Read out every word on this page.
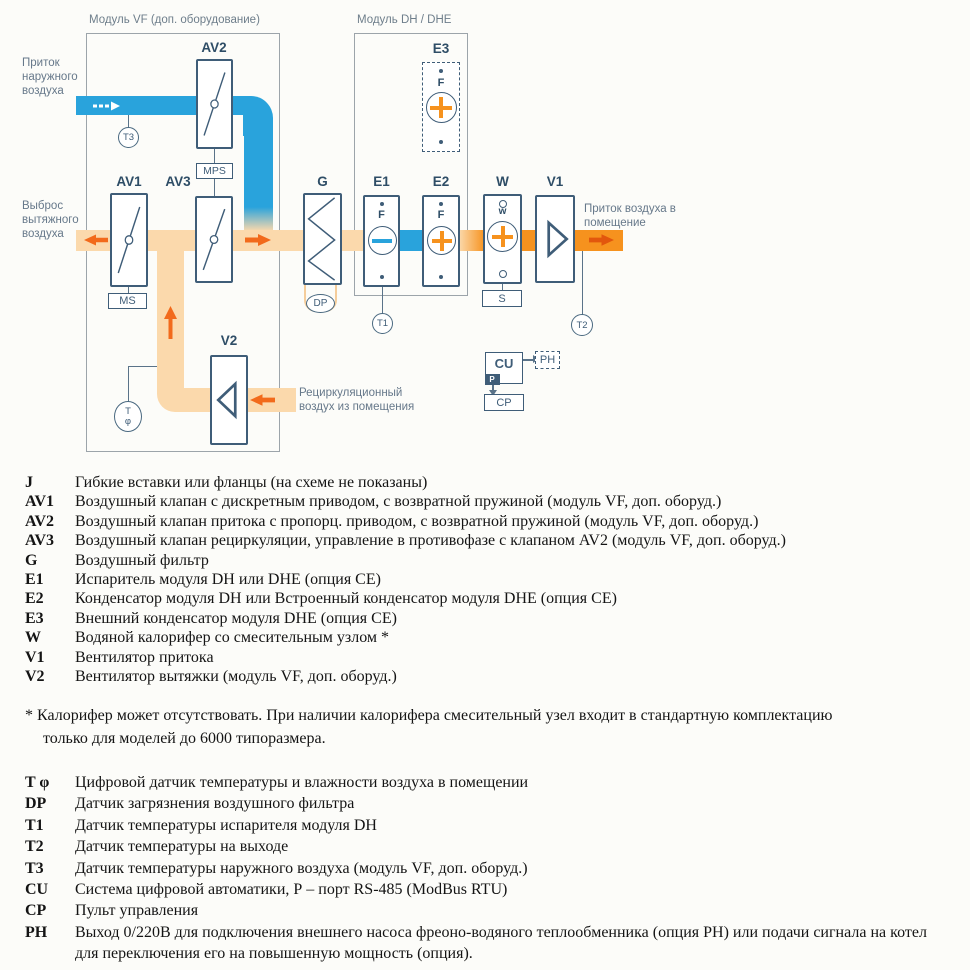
Модуль VF (доп. оборудование)	Модуль DH / DHE
AV1
AV2
AV3	G	E1	E2
E3
W	V1
V2
F	F
F
w
MPS
MS	S
CU
P
PH
CP
DP
T3
T1	T2
T
φ
Приток наружного воздуха
Выброс вытяжного воздуха
Приток воздуха в помещение
Рециркуляционный воздух из помещения
J	Гибкие вставки или фланцы (на схеме не показаны)
AV1	Воздушный клапан с дискретным приводом, с возвратной пружиной (модуль VF, доп. оборуд.)
AV2	Воздушный клапан притока с пропорц. приводом, с возвратной пружиной (модуль VF, доп. оборуд.)
AV3	Воздушный клапан рециркуляции, управление в противофазе с клапаном AV2 (модуль VF, доп. оборуд.)
G	Воздушный фильтр
E1	Испаритель модуля DH или DHE (опция CE)
E2	Конденсатор модуля DH или Встроенный конденсатор модуля DHE (опция CE)
E3	Внешний конденсатор модуля DHE (опция CE)
W	Водяной калорифер со смесительным узлом *
V1	Вентилятор притока
V2	Вентилятор вытяжки (модуль VF, доп. оборуд.)
* Калорифер может отсутствовать. При наличии калорифера смесительный узел входит в стандартную комплектацию только для моделей до 6000 типоразмера.
T φ	Цифровой датчик температуры и влажности воздуха в помещении
DP	Датчик загрязнения воздушного фильтра
T1	Датчик температуры испарителя модуля DH
T2	Датчик температуры на выходе
T3	Датчик температуры наружного воздуха (модуль VF, доп. оборуд.)
CU	Система цифровой автоматики, Р – порт RS-485 (ModBus RTU)
CP	Пульт управления
PH	Выход 0/220В для подключения внешнего насоса фреоно-водяного теплообменника (опция РН) или подачи сигнала на котел для переключения его на повышенную мощность (опция).
